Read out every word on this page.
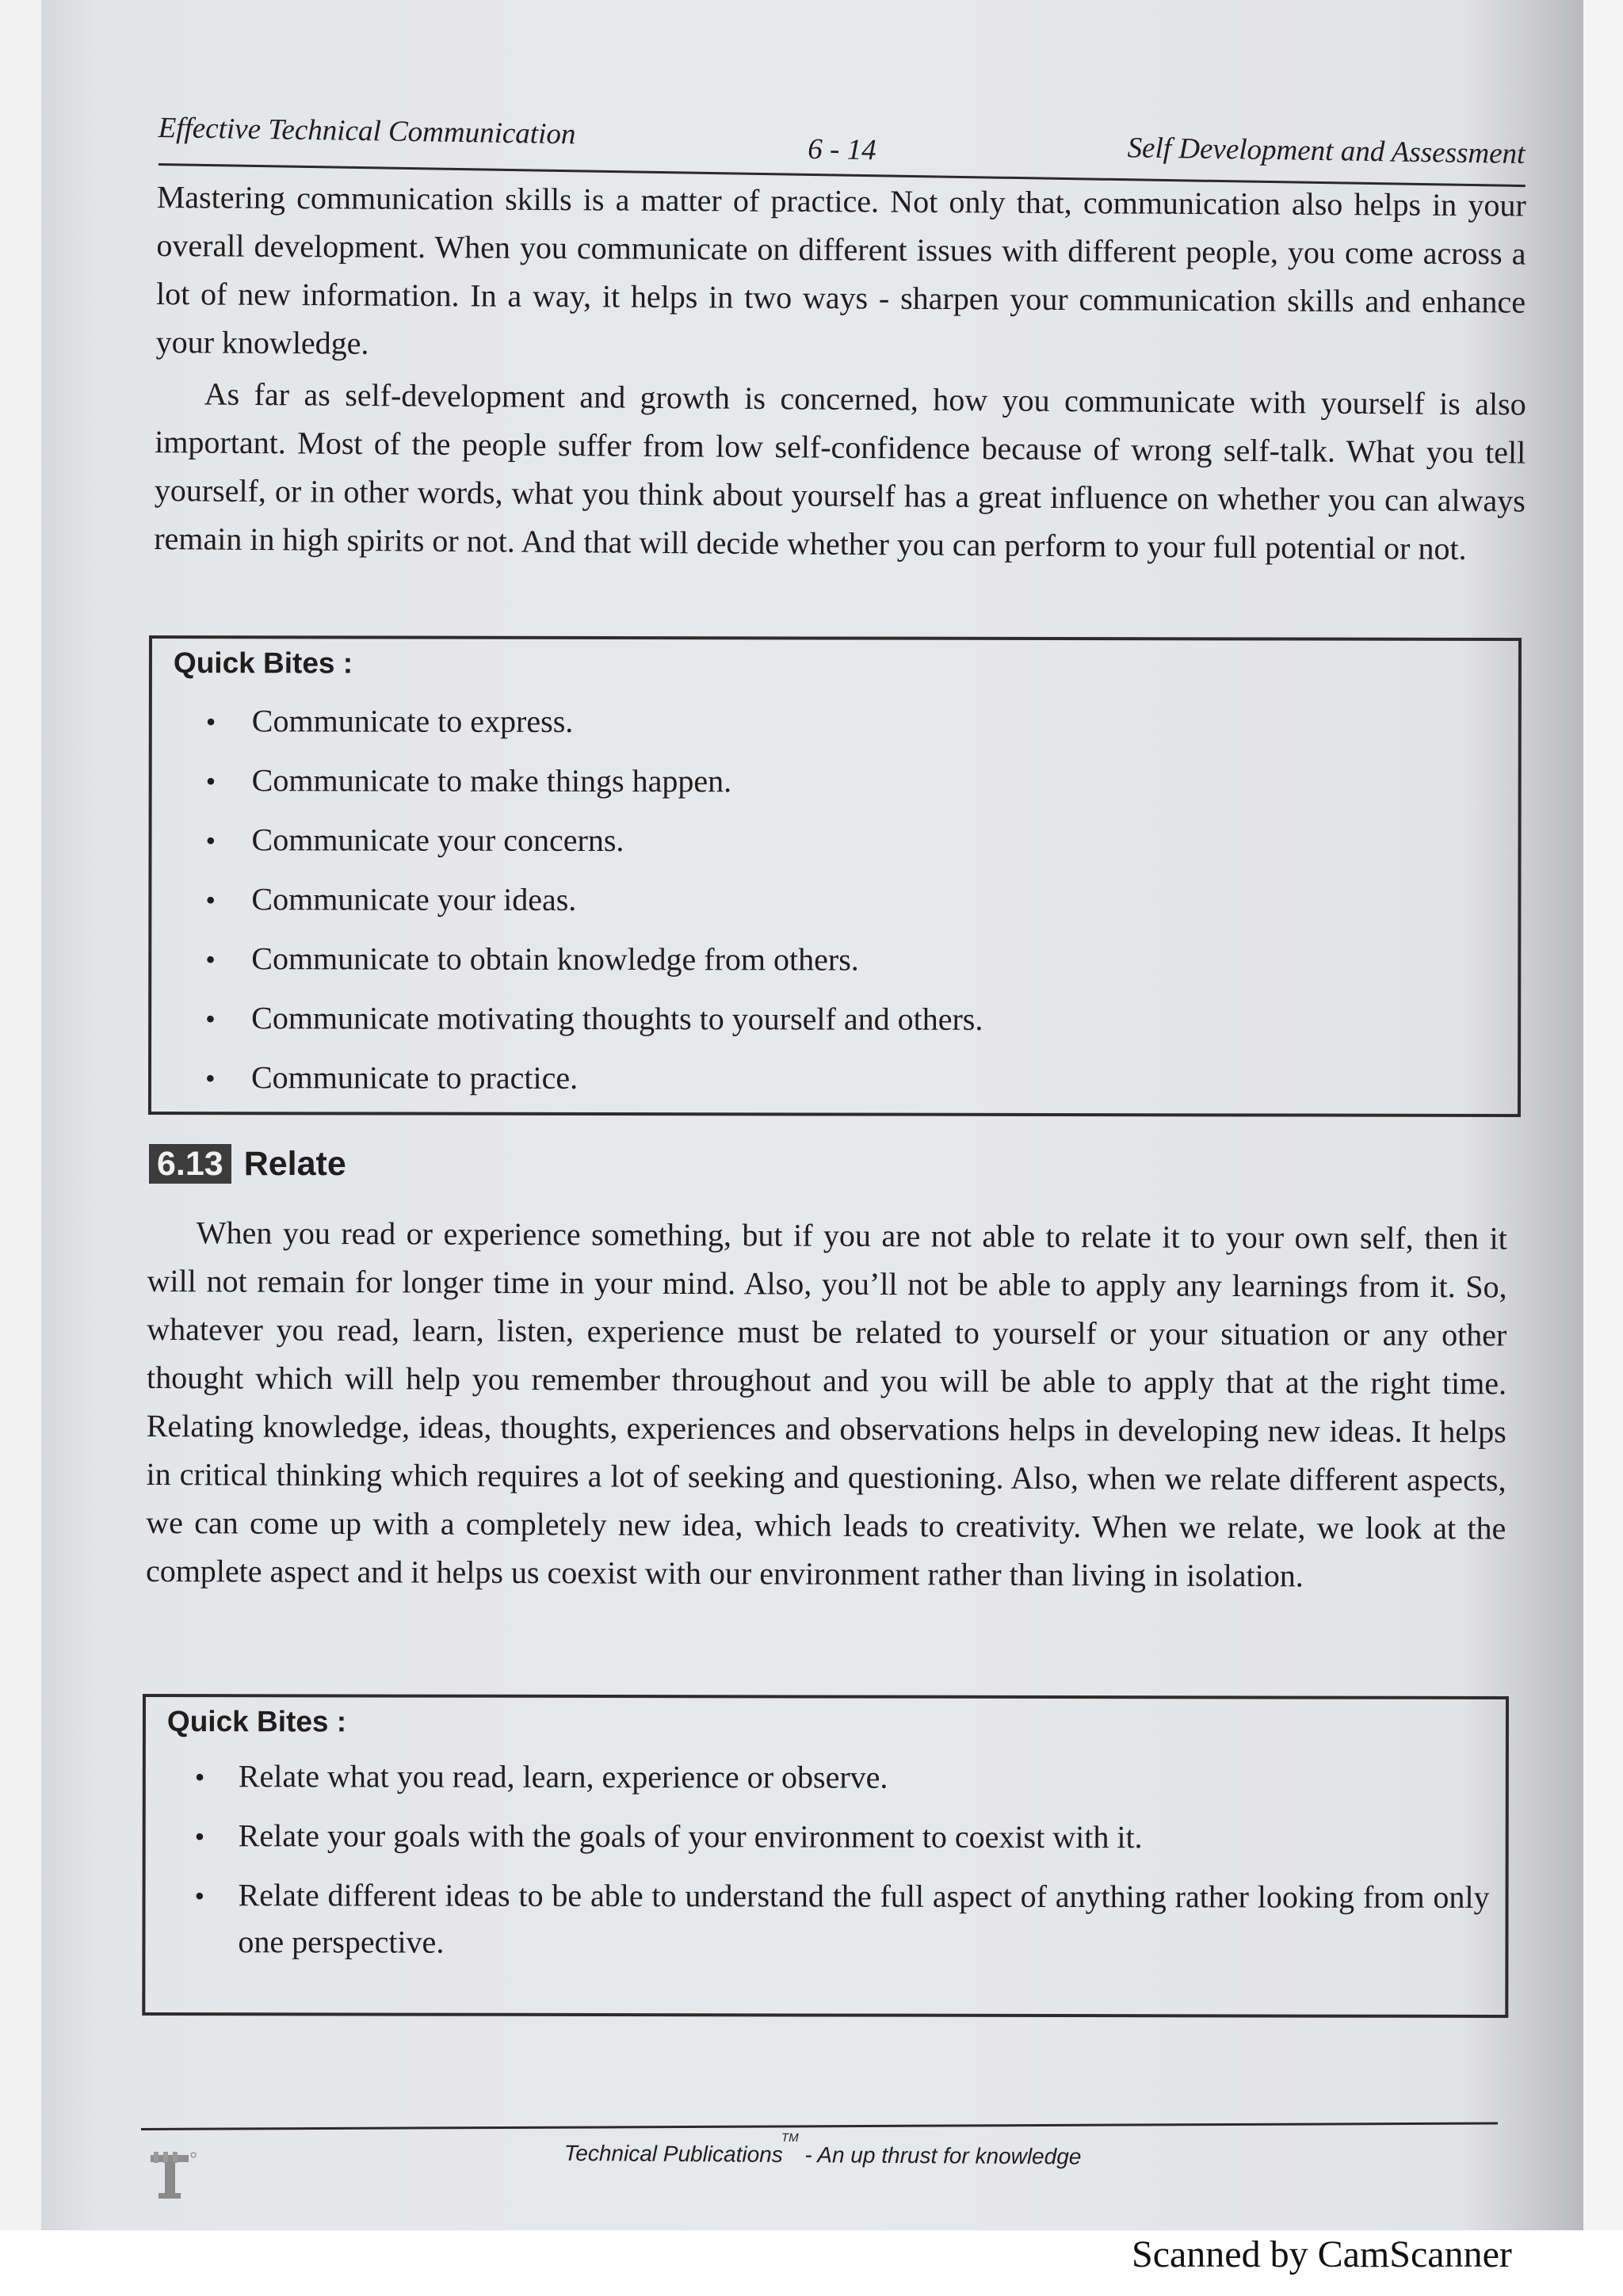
Effective Technical Communication	6 - 14	Self Development and Assessment
Mastering communication skills is a matter of practice. Not only that, communication also helps in your overall development. When you communicate on different issues with different people, you come across a lot of new information. In a way, it helps in two ways - sharpen your communication skills and enhance your knowledge.
As far as self-development and growth is concerned, how you communicate with yourself is also important. Most of the people suffer from low self-confidence because of wrong self-talk. What you tell yourself, or in other words, what you think about yourself has a great influence on whether you can always remain in high spirits or not. And that will decide whether you can perform to your full potential or not.
Quick Bites :
• Communicate to express.
• Communicate to make things happen.
• Communicate your concerns.
• Communicate your ideas.
• Communicate to obtain knowledge from others.
• Communicate motivating thoughts to yourself and others.
• Communicate to practice.
6.13 Relate
When you read or experience something, but if you are not able to relate it to your own self, then it will not remain for longer time in your mind. Also, you’ll not be able to apply any learnings from it. So, whatever you read, learn, listen, experience must be related to yourself or your situation or any other thought which will help you remember throughout and you will be able to apply that at the right time. Relating knowledge, ideas, thoughts, experiences and observations helps in developing new ideas. It helps in critical thinking which requires a lot of seeking and questioning. Also, when we relate different aspects, we can come up with a completely new idea, which leads to creativity. When we relate, we look at the complete aspect and it helps us coexist with our environment rather than living in isolation.
Quick Bites :
• Relate what you read, learn, experience or observe.
• Relate your goals with the goals of your environment to coexist with it.
• Relate different ideas to be able to understand the full aspect of anything rather looking from only one perspective.
Technical Publications™ - An up thrust for knowledge
Scanned by CamScanner
